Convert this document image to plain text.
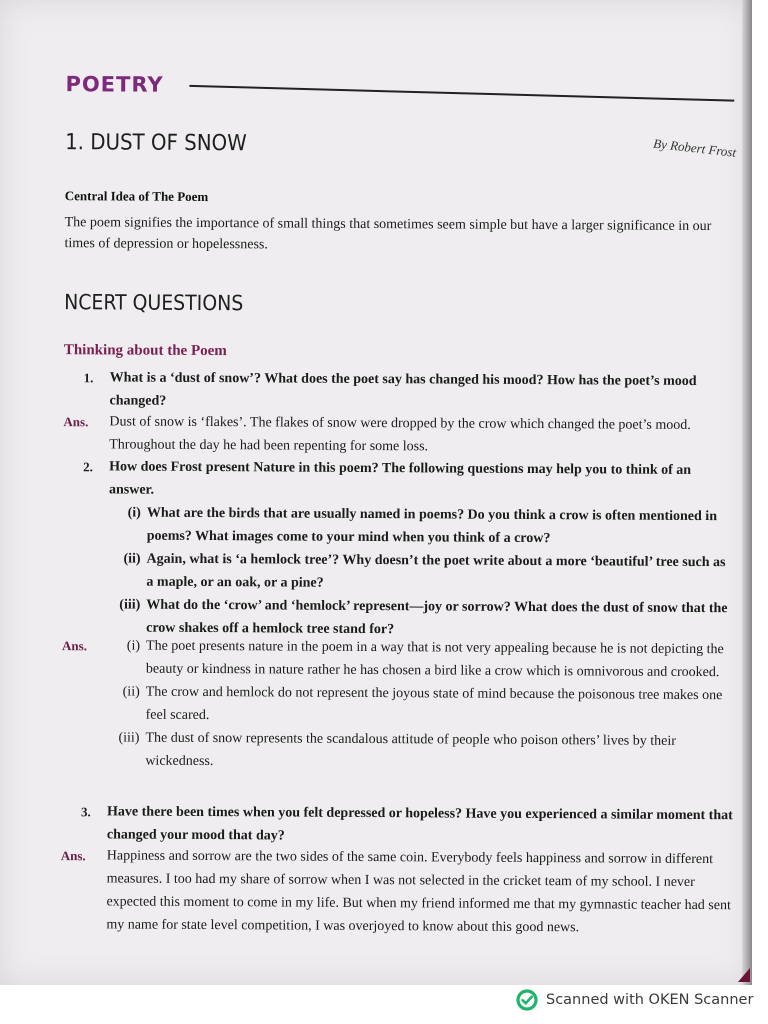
POETRY
1. DUST OF SNOW	By Robert Frost
Central Idea of The Poem
The poem signifies the importance of small things that sometimes seem simple but have a larger significance in our times of depression or hopelessness.
NCERT QUESTIONS
Thinking about the Poem
1. What is a ‘dust of snow’? What does the poet say has changed his mood? How has the poet’s mood changed?
Ans. Dust of snow is ‘flakes’. The flakes of snow were dropped by the crow which changed the poet’s mood. Throughout the day he had been repenting for some loss.
2. How does Frost present Nature in this poem? The following questions may help you to think of an answer.
(i) What are the birds that are usually named in poems? Do you think a crow is often mentioned in poems? What images come to your mind when you think of a crow?
(ii) Again, what is ‘a hemlock tree’? Why doesn’t the poet write about a more ‘beautiful’ tree such as a maple, or an oak, or a pine?
(iii) What do the ‘crow’ and ‘hemlock’ represent—joy or sorrow? What does the dust of snow that the crow shakes off a hemlock tree stand for?
Ans.	(i) The poet presents nature in the poem in a way that is not very appealing because he is not depicting the beauty or kindness in nature rather he has chosen a bird like a crow which is omnivorous and crooked.
(ii) The crow and hemlock do not represent the joyous state of mind because the poisonous tree makes one feel scared.
(iii) The dust of snow represents the scandalous attitude of people who poison others’ lives by their wickedness.
3. Have there been times when you felt depressed or hopeless? Have you experienced a similar moment that changed your mood that day?
Ans. Happiness and sorrow are the two sides of the same coin. Everybody feels happiness and sorrow in different measures. I too had my share of sorrow when I was not selected in the cricket team of my school. I never expected this moment to come in my life. But when my friend informed me that my gymnastic teacher had sent my name for state level competition, I was overjoyed to know about this good news.
Scanned with OKEN Scanner
